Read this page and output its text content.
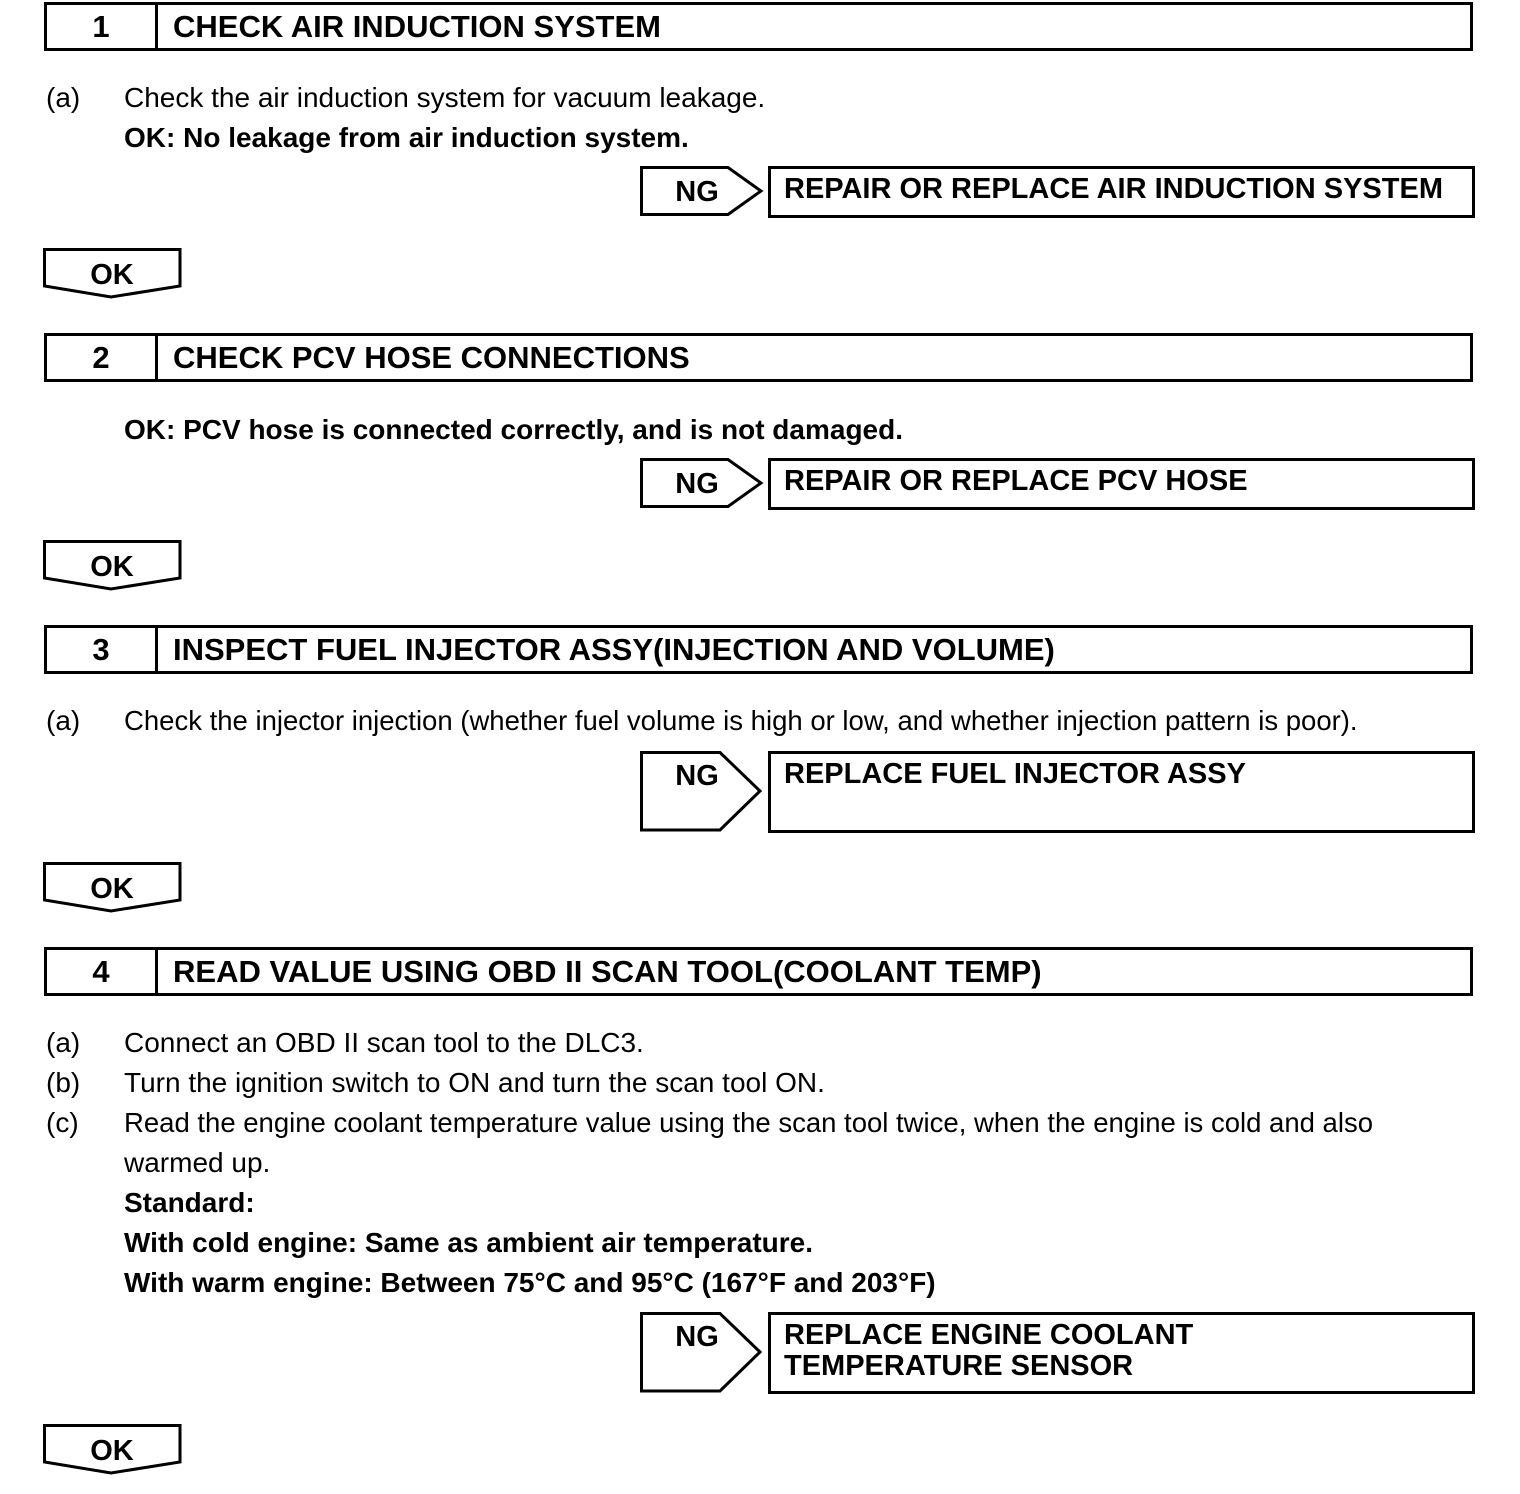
1	CHECK AIR INDUCTION SYSTEM
(a) Check the air induction system for vacuum leakage.
OK: No leakage from air induction system.
NG	REPAIR OR REPLACE AIR INDUCTION SYSTEM
OK
2	CHECK PCV HOSE CONNECTIONS
OK: PCV hose is connected correctly, and is not damaged.
NG	REPAIR OR REPLACE PCV HOSE
OK
3	INSPECT FUEL INJECTOR ASSY(INJECTION AND VOLUME)
(a) Check the injector injection (whether fuel volume is high or low, and whether injection pattern is poor).
NG	REPLACE FUEL INJECTOR ASSY
OK
4	READ VALUE USING OBD II SCAN TOOL(COOLANT TEMP)
(a) Connect an OBD II scan tool to the DLC3.
(b) Turn the ignition switch to ON and turn the scan tool ON.
(c) Read the engine coolant temperature value using the scan tool twice, when the engine is cold and also
warmed up.
Standard:
With cold engine: Same as ambient air temperature.
With warm engine: Between 75°C and 95°C (167°F and 203°F)
NG	REPLACE ENGINE COOLANT TEMPERATURE SENSOR
OK
